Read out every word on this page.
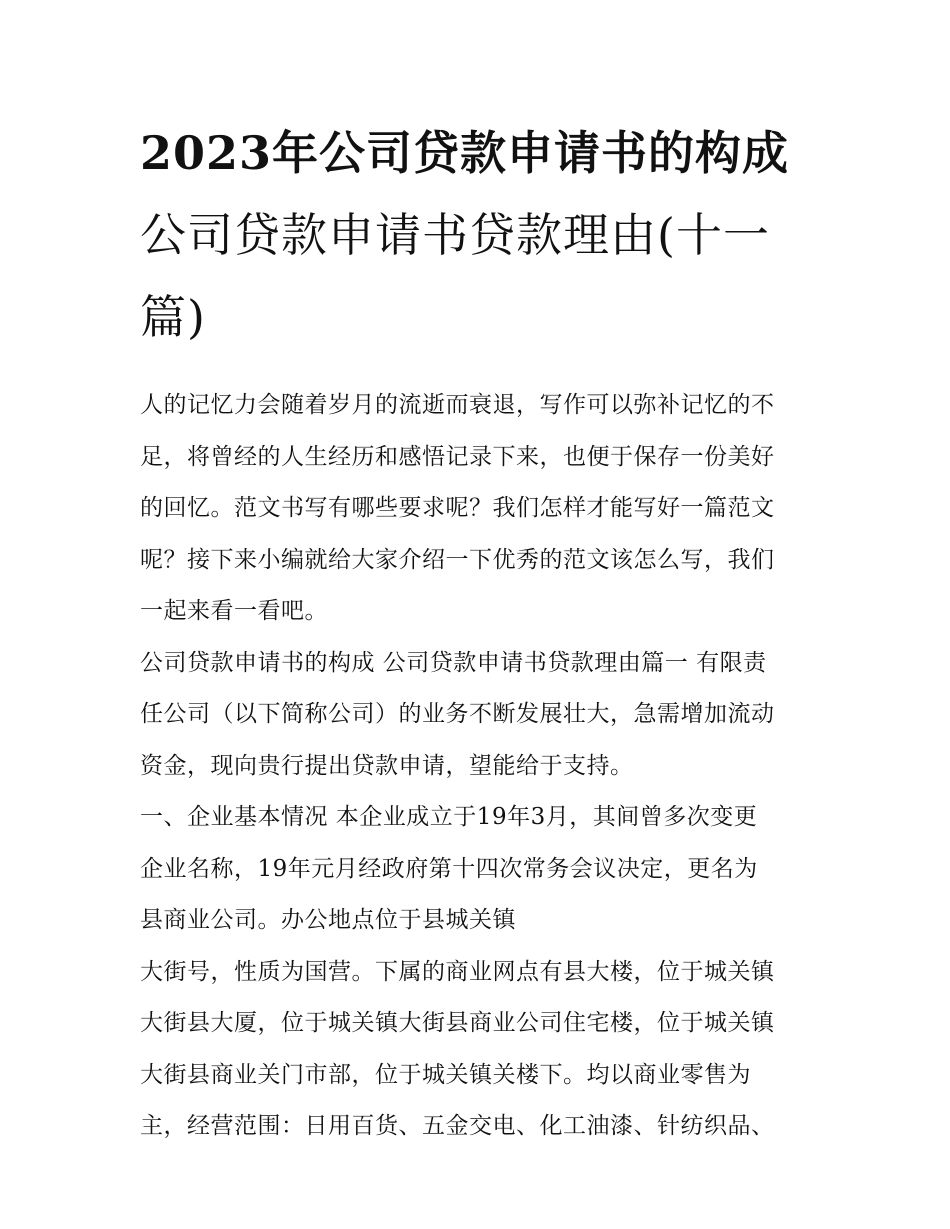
2023年公司贷款申请书的构成
公司贷款申请书贷款理由(十一
篇)

人的记忆力会随着岁月的流逝而衰退，写作可以弥补记忆的不
足，将曾经的人生经历和感悟记录下来，也便于保存一份美好
的回忆。范文书写有哪些要求呢？我们怎样才能写好一篇范文
呢？接下来小编就给大家介绍一下优秀的范文该怎么写，我们
一起来看一看吧。

公司贷款申请书的构成 公司贷款申请书贷款理由篇一 有限责
任公司（以下简称公司）的业务不断发展壮大，急需增加流动
资金，现向贵行提出贷款申请，望能给于支持。

一、企业基本情况 本企业成立于19年3月，其间曾多次变更
企业名称，19年元月经政府第十四次常务会议决定，更名为
县商业公司。办公地点位于县城关镇

大街号，性质为国营。下属的商业网点有县大楼，位于城关镇
大街县大厦，位于城关镇大街县商业公司住宅楼，位于城关镇
大街县商业关门市部，位于城关镇关楼下。均以商业零售为
主，经营范围：日用百货、五金交电、化工油漆、针纺织品、
